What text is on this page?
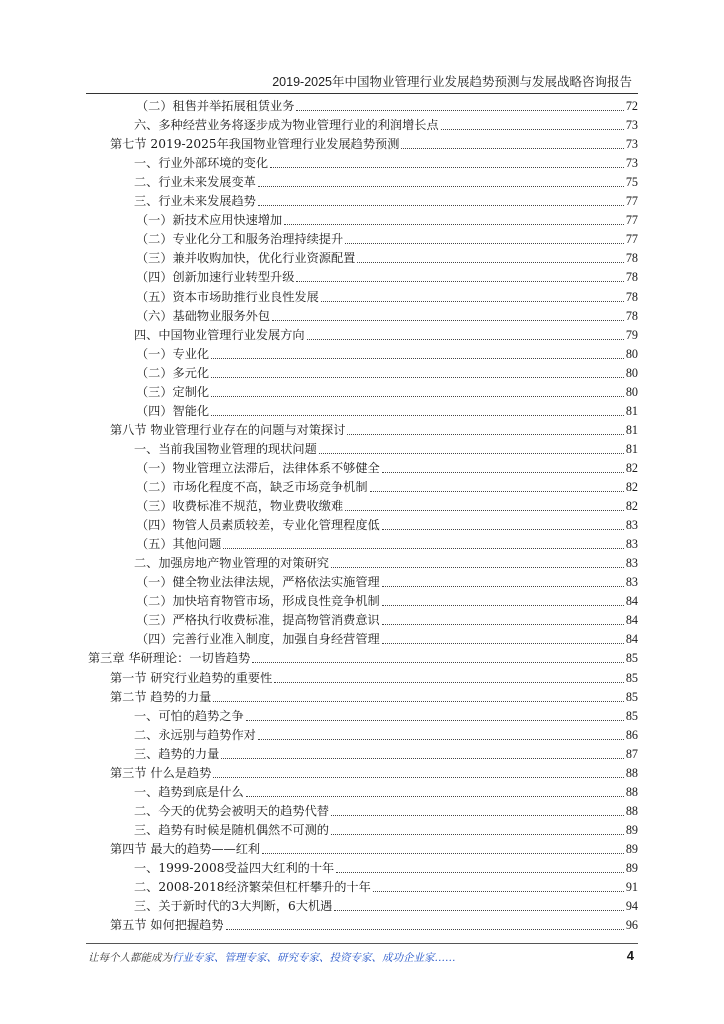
2019-2025年中国物业管理行业发展趋势预测与发展战略咨询报告
（二）租售并举拓展租赁业务	72
六、多种经营业务将逐步成为物业管理行业的利润增长点	73
第七节 2019-2025年我国物业管理行业发展趋势预测	73
一、行业外部环境的变化	73
二、行业未来发展变革	75
三、行业未来发展趋势	77
（一）新技术应用快速增加	77
（二）专业化分工和服务治理持续提升	77
（三）兼并收购加快，优化行业资源配置	78
（四）创新加速行业转型升级	78
（五）资本市场助推行业良性发展	78
（六）基础物业服务外包	78
四、中国物业管理行业发展方向	79
（一）专业化	80
（二）多元化	80
（三）定制化	80
（四）智能化	81
第八节 物业管理行业存在的问题与对策探讨	81
一、当前我国物业管理的现状问题	81
（一）物业管理立法滞后，法律体系不够健全	82
（二）市场化程度不高，缺乏市场竞争机制	82
（三）收费标准不规范，物业费收缴难	82
（四）物管人员素质较差，专业化管理程度低	83
（五）其他问题	83
二、加强房地产物业管理的对策研究	83
（一）健全物业法律法规，严格依法实施管理	83
（二）加快培育物管市场，形成良性竞争机制	84
（三）严格执行收费标准，提高物管消费意识	84
（四）完善行业准入制度，加强自身经营管理	84
第三章 华研理论：一切皆趋势	85
第一节 研究行业趋势的重要性	85
第二节 趋势的力量	85
一、可怕的趋势之争	85
二、永远别与趋势作对	86
三、趋势的力量	87
第三节 什么是趋势	88
一、趋势到底是什么	88
二、今天的优势会被明天的趋势代替	88
三、趋势有时候是随机偶然不可测的	89
第四节 最大的趋势——红利	89
一、1999-2008受益四大红利的十年	89
二、2008-2018经济繁荣但杠杆攀升的十年	91
三、关于新时代的3大判断，6大机遇	94
第五节 如何把握趋势	96
让每个人都能成为行业专家、管理专家、研究专家、投资专家、成功企业家……	4
